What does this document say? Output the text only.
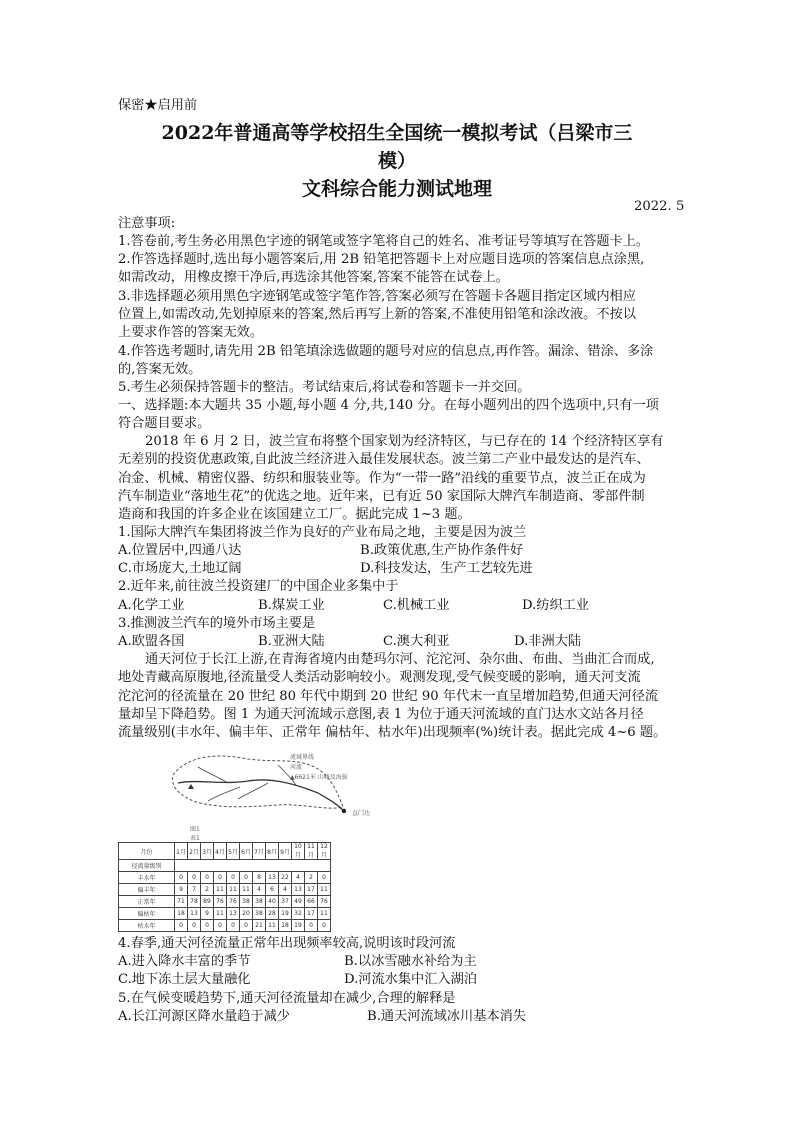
保密★启用前
2022年普通高等学校招生全国统一模拟考试（吕梁市三
模）
文科综合能力测试地理
2022. 5
注意事项:
1.答卷前,考生务必用黑色字迹的钢笔或签字笔将自己的姓名、准考证号等填写在答题卡上。
2.作答选择题时,选出每小题答案后,用 2B 铅笔把答题卡上对应题目选项的答案信息点涂黑,
如需改动，用橡皮擦干净后,再选涂其他答案,答案不能答在试卷上。
3.非选择题必须用黑色字迹钢笔或签字笔作答,答案必须写在答题卡各题目指定区域内相应
位置上,如需改动,先划掉原来的答案,然后再写上新的答案,不准使用铅笔和涂改液。不按以
上要求作答的答案无效。
4.作答选考题时,请先用 2B 铅笔填涂选做题的题号对应的信息点,再作答。漏涂、错涂、多涂
的,答案无效。
5.考生必须保持答题卡的整洁。考试结束后,将试卷和答题卡一并交回。
一、选择题:本大题共 35 小题,每小题 4 分,共,140 分。在每小题列出的四个选项中,只有一项
符合题目要求。
2018 年 6 月 2 日，波兰宣布将整个国家划为经济特区，与已存在的 14 个经济特区享有
无差别的投资优惠政策,自此波兰经济进入最佳发展状态。波兰第二产业中最发达的是汽车、
冶金、机械、精密仪器、纺织和服装业等。作为“一带一路”沿线的重要节点，波兰正在成为
汽车制造业“落地生花”的优选之地。近年来，已有近 50 家国际大牌汽车制造商、零部件制
造商和我国的许多企业在该国建立工厂。据此完成 1~3 题。
1.国际大牌汽车集团将波兰作为良好的产业布局之地，主要是因为波兰
A.位置居中,四通八达	B.政策优惠,生产协作条件好
C.市场庞大,土地辽阔	D.科技发达，生产工艺较先进
2.近年来,前往波兰投资建厂的中国企业多集中于
A.化学工业	B.煤炭工业	C.机械工业	D.纺织工业
3.推测波兰汽车的境外市场主要是
A.欧盟各国	B.亚洲大陆	C.澳大利亚	D.非洲大陆
通天河位于长江上游,在青海省境内由楚玛尔河、沱沱河、杂尔曲、布曲、当曲汇合而成,
地处青藏高原腹地,径流量受人类活动影响较小。观测发现,受气候变暖的影响，通天河支流
沱沱河的径流量在 20 世纪 80 年代中期到 20 世纪 90 年代末一直呈增加趋势,但通天河径流
量却呈下降趋势。图 1 为通天河流域示意图,表 1 为位于通天河流域的直门达水文站各月径
流量级别(丰水年、偏丰年、正常年 偏枯年、枯水年)出现频率(%)统计表。据此完成 4~6 题。
直门达
流域界线
河流
▲6621米 山峰及海拔
图1
表1
月份	1月	2月	3月	4月	5月	6月	7月	8月	9月	10月	11月	12月
径流量级别												
丰水年	0	0	0	0	0	0	8	13	22	4	2	0
偏丰年	9	7	2	11	11	11	4	6	4	13	17	11
正常年	71	78	89	76	76	38	38	40	37	49	66	76
偏枯年	18	13	9	11	13	20	38	28	19	32	17	11
枯水年	0	0	0	0	0	0	21	11	18	19	0	0
4.春季,通天河径流量正常年出现频率较高,说明该时段河流
A.进入降水丰富的季节	B.以冰雪融水补给为主
C.地下冻土层大量融化	D.河流水集中汇入湖泊
5.在气候变暖趋势下,通天河径流量却在减少,合理的解释是
A.长江河源区降水量趋于减少	B.通天河流域冰川基本消失
